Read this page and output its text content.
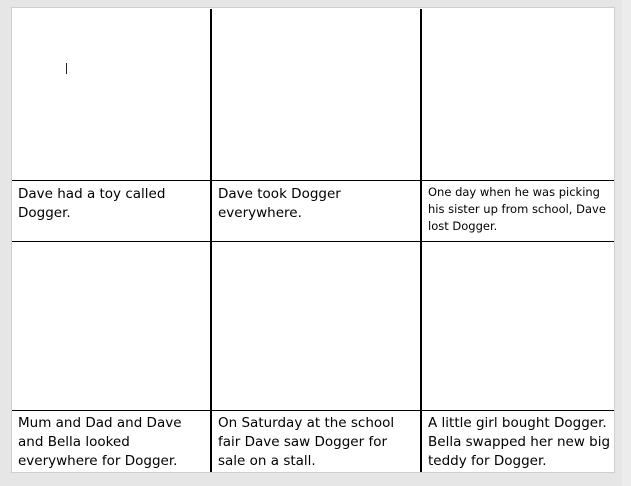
Dave had a toy called Dogger.
Dave took Dogger everywhere.
One day when he was picking his sister up from school, Dave lost Dogger.
Mum and Dad and Dave and Bella looked everywhere for Dogger.
On Saturday at the school fair Dave saw Dogger for sale on a stall.
A little girl bought Dogger. Bella swapped her new big teddy for Dogger.
